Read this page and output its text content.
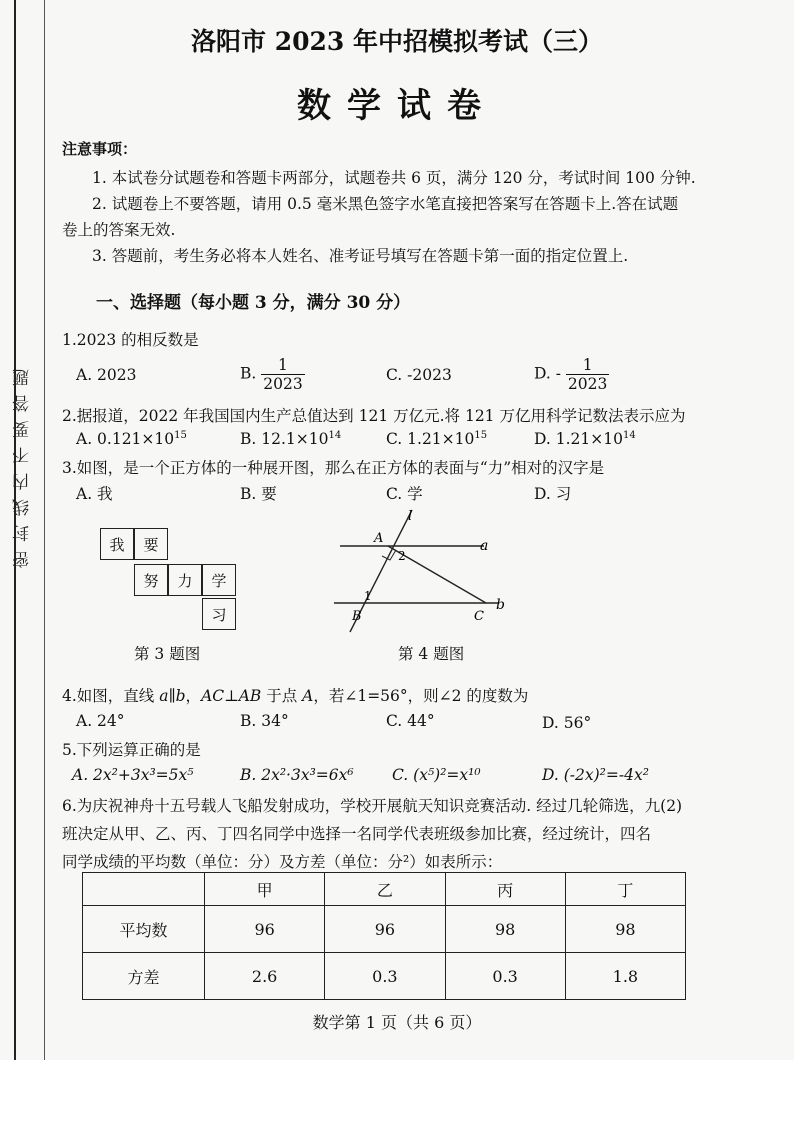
密封线内不要答题
洛阳市 2023 年中招模拟考试（三）
数学试卷
注意事项：
1. 本试卷分试题卷和答题卡两部分，试题卷共 6 页，满分 120 分，考试时间 100 分钟.
2. 试题卷上不要答题，请用 0.5 毫米黑色签字水笔直接把答案写在答题卡上.答在试题
卷上的答案无效.
3. 答题前，考生务必将本人姓名、准考证号填写在答题卡第一面的指定位置上.
一、选择题（每小题 3 分，满分 30 分）
1.2023 的相反数是
A. 2023	B. $\frac{1}{2023}$	C. -2023	D. - $\frac{1}{2023}$
2.据报道，2022 年我国国内生产总值达到 121 万亿元.将 121 万亿用科学记数法表示应为
A. $0.121\times 10^{15}$	B. $12.1\times 10^{14}$	C. $1.21\times 10^{15}$	D. $1.21\times 10^{14}$
3.如图，是一个正方体的一种展开图，那么在正方体的表面与“力”相对的汉字是
A. 我	B. 要	C. 学	D. 习
我	要
努	力	学
习
第 3 题图
l
a
b
A
B	C
1
2
第 4 题图
4.如图，直线 a∥b，AC⊥AB 于点 A，若∠1=56°，则∠2 的度数为
A. 24°	B. 34°	C. 44°	D. 56°
5.下列运算正确的是
A. 2x²+3x³=5x⁵	B. 2x²·3x³=6x⁶ C. (x⁵)²=x¹⁰	D. (-2x)²=-4x²
6.为庆祝神舟十五号载人飞船发射成功，学校开展航天知识竞赛活动. 经过几轮筛选，九(2)
班决定从甲、乙、丙、丁四名同学中选择一名同学代表班级参加比赛，经过统计，四名
同学成绩的平均数（单位：分）及方差（单位：分²）如表所示：
	甲	乙	丙	丁
平均数	96	96	98	98
方差	2.6	0.3	0.3	1.8
数学第 1 页（共 6 页）
